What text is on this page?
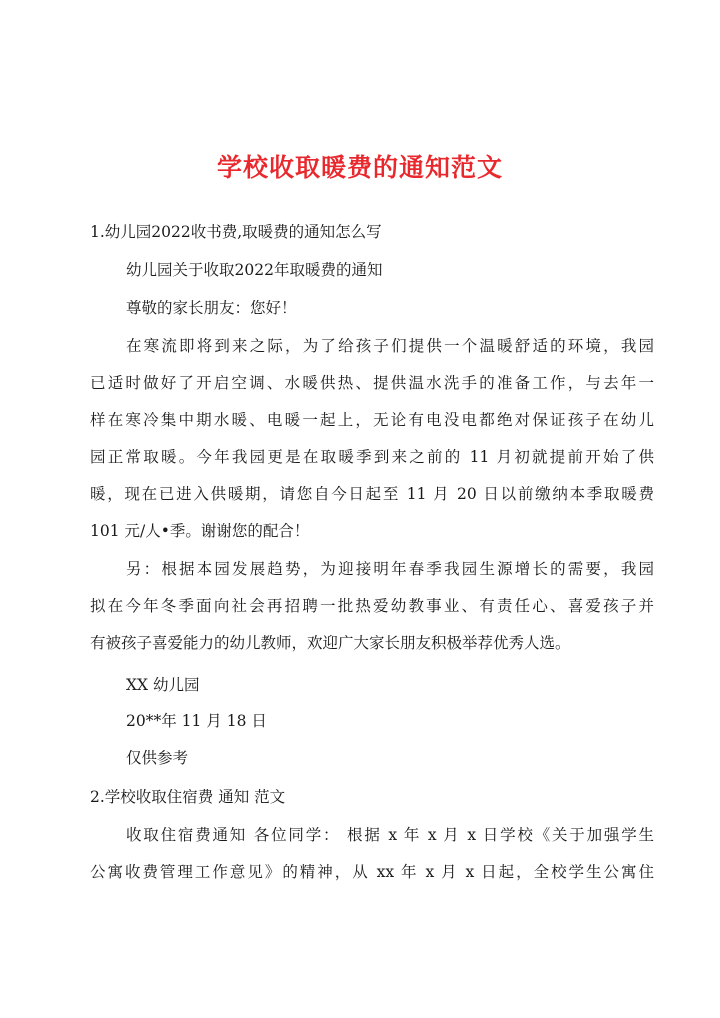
学校收取暖费的通知范文
1.幼儿园2022收书费,取暖费的通知怎么写
幼儿园关于收取2022年取暖费的通知
尊敬的家长朋友：您好！
在寒流即将到来之际，为了给孩子们提供一个温暖舒适的环境，我园
已适时做好了开启空调、水暖供热、提供温水洗手的准备工作，与去年一
样在寒冷集中期水暖、电暖一起上，无论有电没电都绝对保证孩子在幼儿
园正常取暖。今年我园更是在取暖季到来之前的 11 月初就提前开始了供
暖，现在已进入供暖期，请您自今日起至 11 月 20 日以前缴纳本季取暖费
101 元/人•季。谢谢您的配合！
另：根据本园发展趋势，为迎接明年春季我园生源增长的需要，我园
拟在今年冬季面向社会再招聘一批热爱幼教事业、有责任心、喜爱孩子并
有被孩子喜爱能力的幼儿教师，欢迎广大家长朋友积极举荐优秀人选。
XX 幼儿园
20**年 11 月 18 日
仅供参考
2.学校收取住宿费 通知 范文
收取住宿费通知 各位同学： 根据 x 年 x 月 x 日学校《关于加强学生
公寓收费管理工作意见》的精神，从 xx 年 x 月 x 日起，全校学生公寓住
